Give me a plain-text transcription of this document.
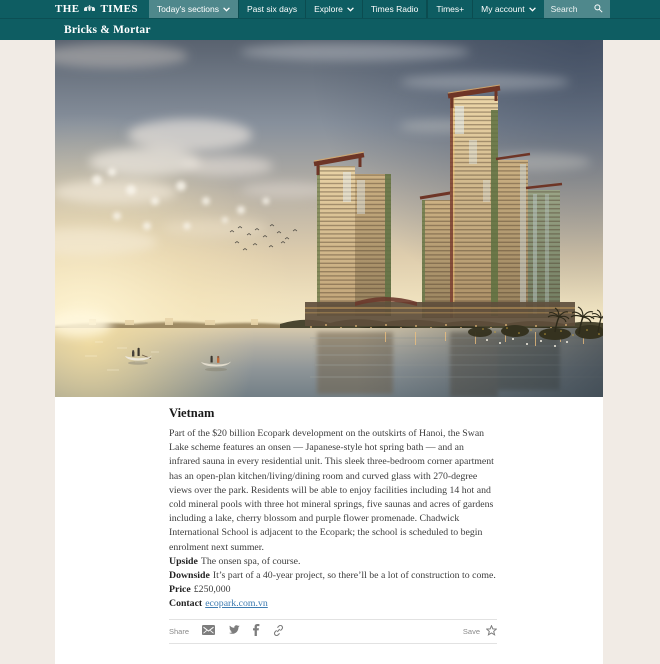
THE TIMES Today's sections	Past six days Explore	Times Radio Times+ My account	Search
Bricks & Mortar
Vietnam

Part of the $20 billion Ecopark development on the outskirts of Hanoi, the Swan Lake scheme features an onsen — Japanese-style hot spring bath — and an infrared sauna in every residential unit. This sleek three-bedroom corner apartment has an open-plan kitchen/living/dining room and curved glass with 270-degree views over the park. Residents will be able to enjoy facilities including 14 hot and cold mineral pools with three hot mineral springs, five saunas and acres of gardens including a lake, cherry blossom and purple flower promenade. Chadwick International School is adjacent to the Ecopark; the school is scheduled to begin enrolment next summer.

Upside The onsen spa, of course.

Downside It’s part of a 40-year project, so there’ll be a lot of construction to come.

Price £250,000

Contact ecopark.com.vn

Share	Save
